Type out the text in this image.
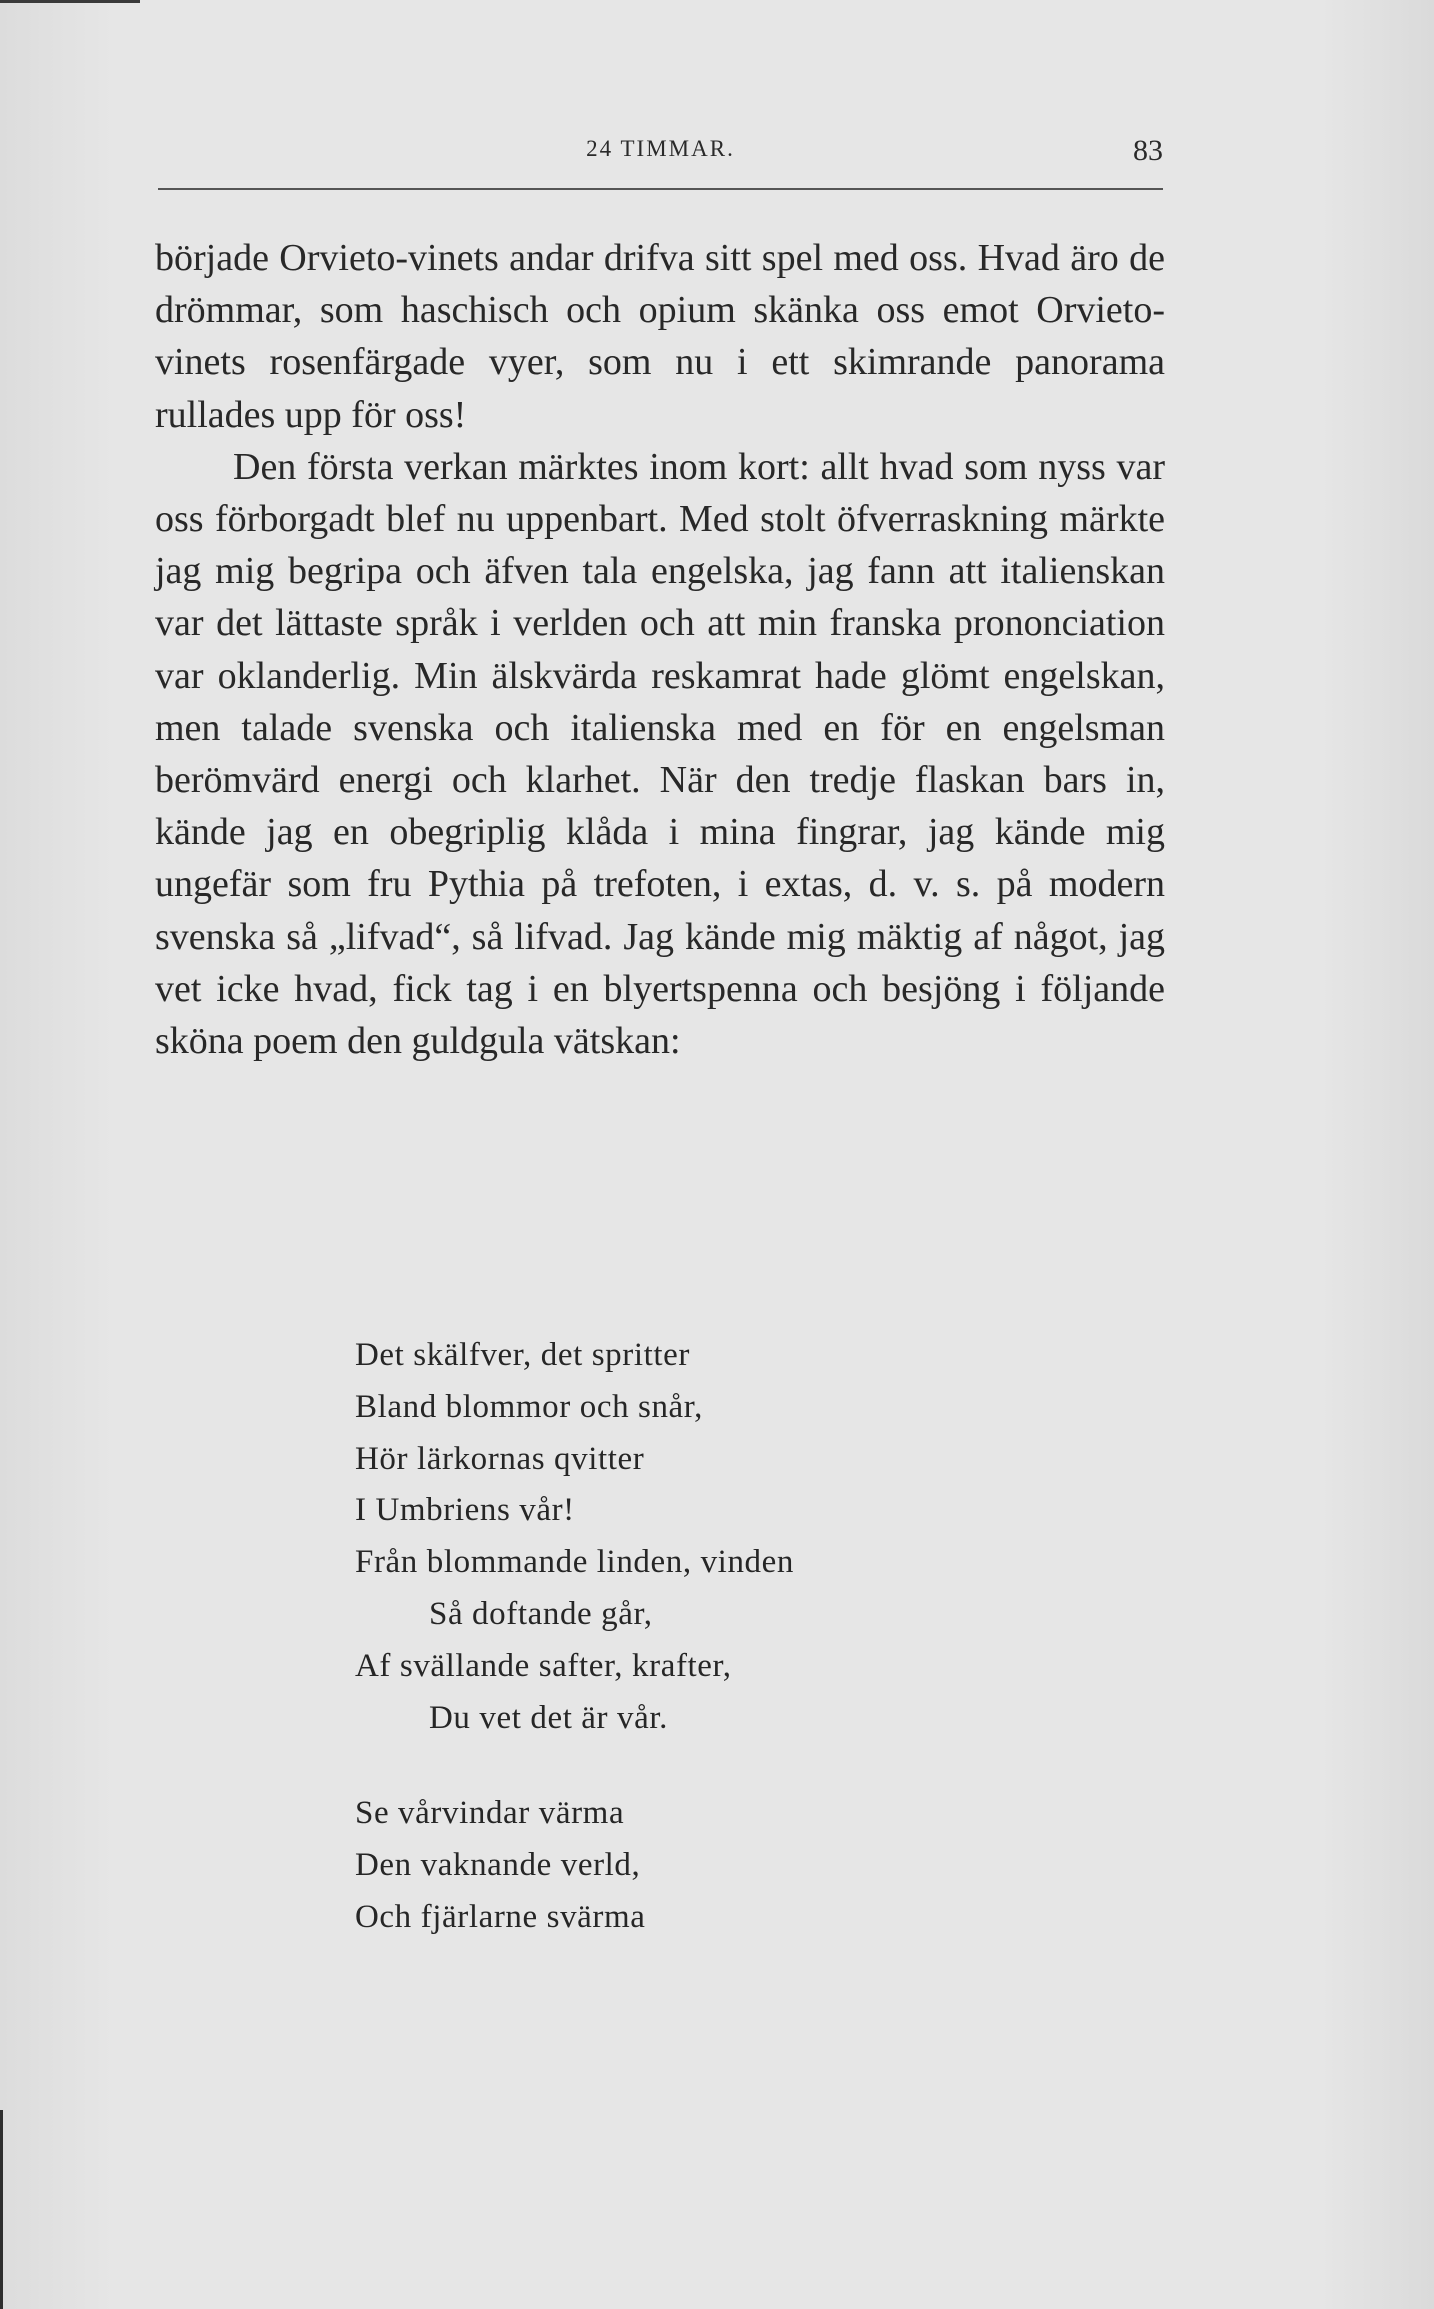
24 TIMMAR.	83

började Orvieto-vinets andar drifva sitt spel med oss. Hvad äro de drömmar, som haschisch och opium skänka oss emot Orvieto-vinets rosenfärgade vyer, som nu i ett skimrande panorama rullades upp för oss!

Den första verkan märktes inom kort: allt hvad som nyss var oss förborgadt blef nu uppenbart. Med stolt öfverraskning märkte jag mig begripa och äfven tala engelska, jag fann att italienskan var det lättaste språk i verlden och att min franska prononciation var oklanderlig. Min älskvärda reskamrat hade glömt engelskan, men talade svenska och italienska med en för en engelsman berömvärd energi och klarhet. När den tredje flaskan bars in, kände jag en obegriplig klåda i mina fingrar, jag kände mig ungefär som fru Pythia på trefoten, i extas, d. v. s. på modern svenska så „lifvad“, så lifvad. Jag kände mig mäktig af något, jag vet icke hvad, fick tag i en blyertspenna och besjöng i följande sköna poem den guldgula vätskan:

Det skälfver, det spritter
Bland blommor och snår,
Hör lärkornas qvitter
I Umbriens vår!
Från blommande linden, vinden
Så doftande går,
Af svällande safter, krafter,
Du vet det är vår.
Se vårvindar värma
Den vaknande verld,
Och fjärlarne svärma
